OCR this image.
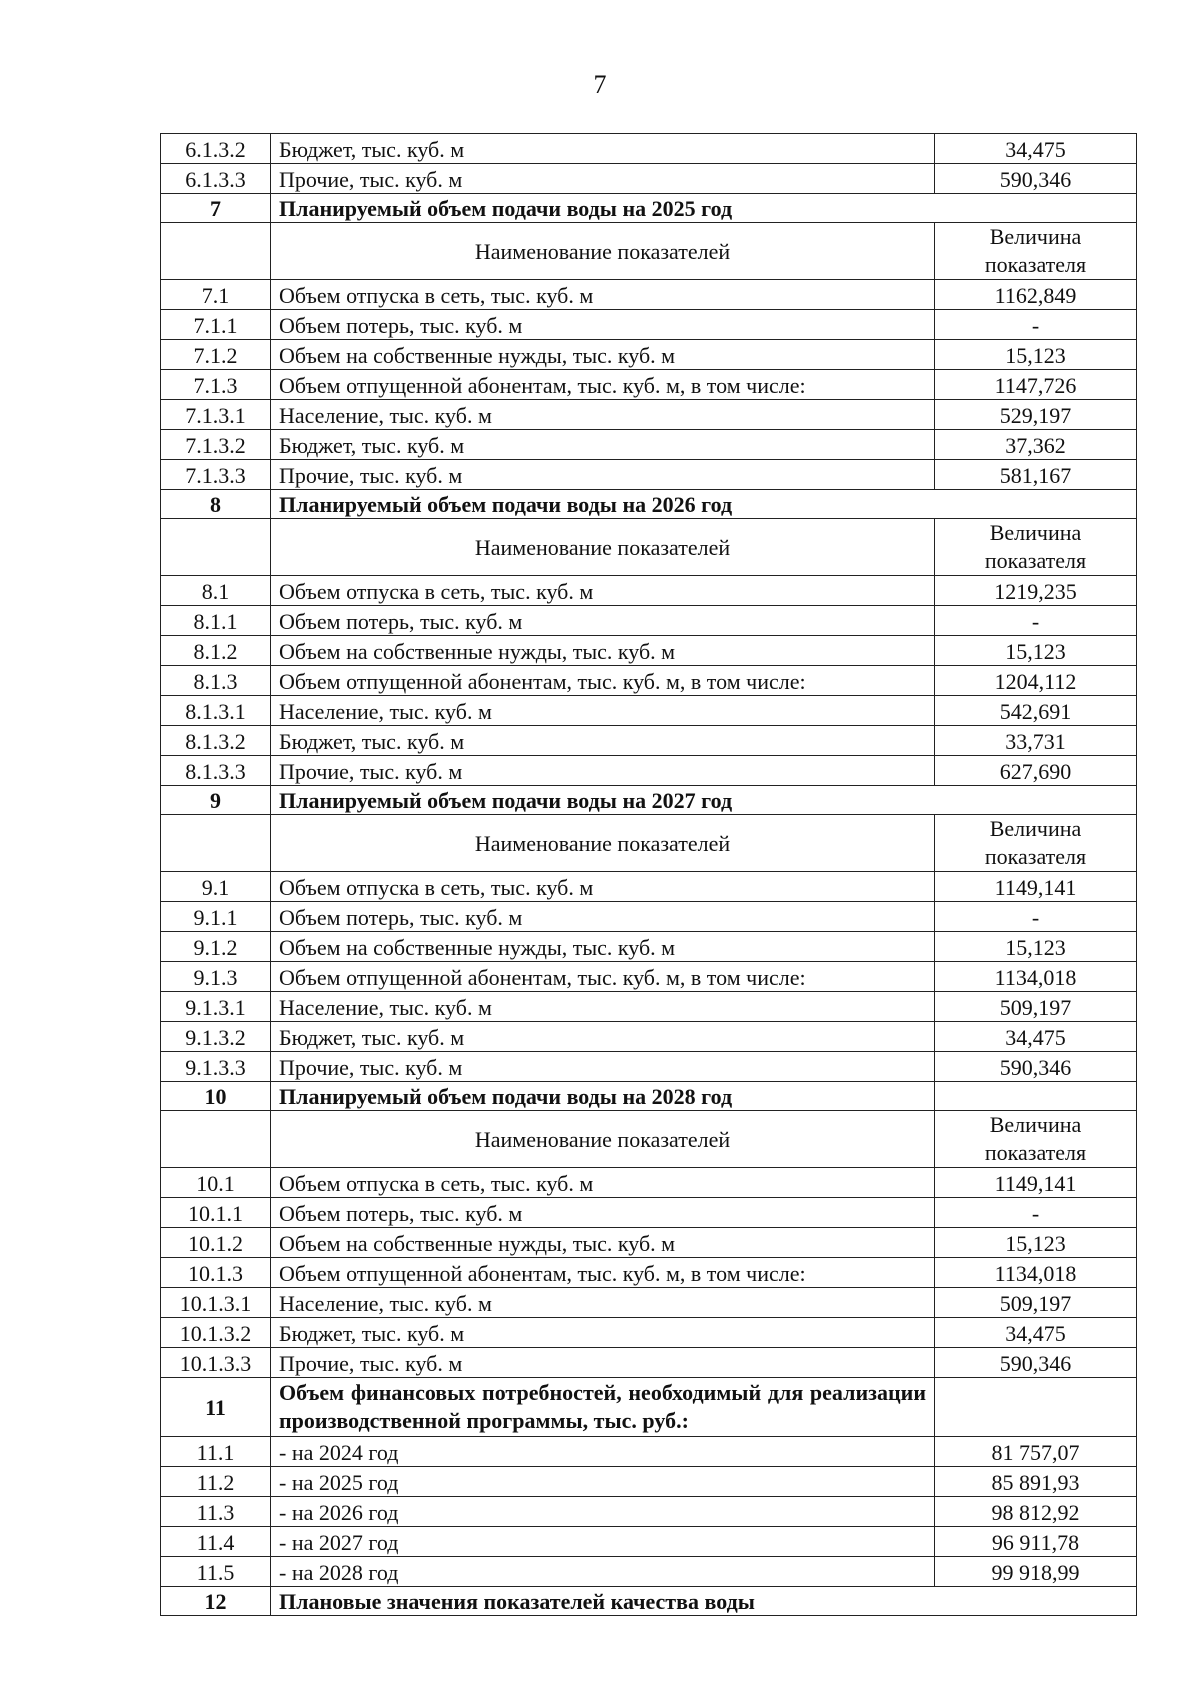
7
6.1.3.2	Бюджет, тыс. куб. м	34,475
6.1.3.3	Прочие, тыс. куб. м	590,346
7	Планируемый объем подачи воды на 2025 год	
	Наименование показателей	Величина показателя
7.1	Объем отпуска в сеть, тыс. куб. м	1162,849
7.1.1	Объем потерь, тыс. куб. м	-
7.1.2	Объем на собственные нужды, тыс. куб. м	15,123
7.1.3	Объем отпущенной абонентам, тыс. куб. м, в том числе:	1147,726
7.1.3.1	Население, тыс. куб. м	529,197
7.1.3.2	Бюджет, тыс. куб. м	37,362
7.1.3.3	Прочие, тыс. куб. м	581,167
8	Планируемый объем подачи воды на 2026 год	
	Наименование показателей	Величина показателя
8.1	Объем отпуска в сеть, тыс. куб. м	1219,235
8.1.1	Объем потерь, тыс. куб. м	-
8.1.2	Объем на собственные нужды, тыс. куб. м	15,123
8.1.3	Объем отпущенной абонентам, тыс. куб. м, в том числе:	1204,112
8.1.3.1	Население, тыс. куб. м	542,691
8.1.3.2	Бюджет, тыс. куб. м	33,731
8.1.3.3	Прочие, тыс. куб. м	627,690
9	Планируемый объем подачи воды на 2027 год	
	Наименование показателей	Величина показателя
9.1	Объем отпуска в сеть, тыс. куб. м	1149,141
9.1.1	Объем потерь, тыс. куб. м	-
9.1.2	Объем на собственные нужды, тыс. куб. м	15,123
9.1.3	Объем отпущенной абонентам, тыс. куб. м, в том числе:	1134,018
9.1.3.1	Население, тыс. куб. м	509,197
9.1.3.2	Бюджет, тыс. куб. м	34,475
9.1.3.3	Прочие, тыс. куб. м	590,346
10	Планируемый объем подачи воды на 2028 год	
	Наименование показателей	Величина показателя
10.1	Объем отпуска в сеть, тыс. куб. м	1149,141
10.1.1	Объем потерь, тыс. куб. м	-
10.1.2	Объем на собственные нужды, тыс. куб. м	15,123
10.1.3	Объем отпущенной абонентам, тыс. куб. м, в том числе:	1134,018
10.1.3.1	Население, тыс. куб. м	509,197
10.1.3.2	Бюджет, тыс. куб. м	34,475
10.1.3.3	Прочие, тыс. куб. м	590,346
11	Объем финансовых потребностей, необходимый для реализации производственной программы, тыс. руб.:	
11.1	- на 2024 год	81 757,07
11.2	- на 2025 год	85 891,93
11.3	- на 2026 год	98 812,92
11.4	- на 2027 год	96 911,78
11.5	- на 2028 год	99 918,99
12	Плановые значения показателей качества воды	
